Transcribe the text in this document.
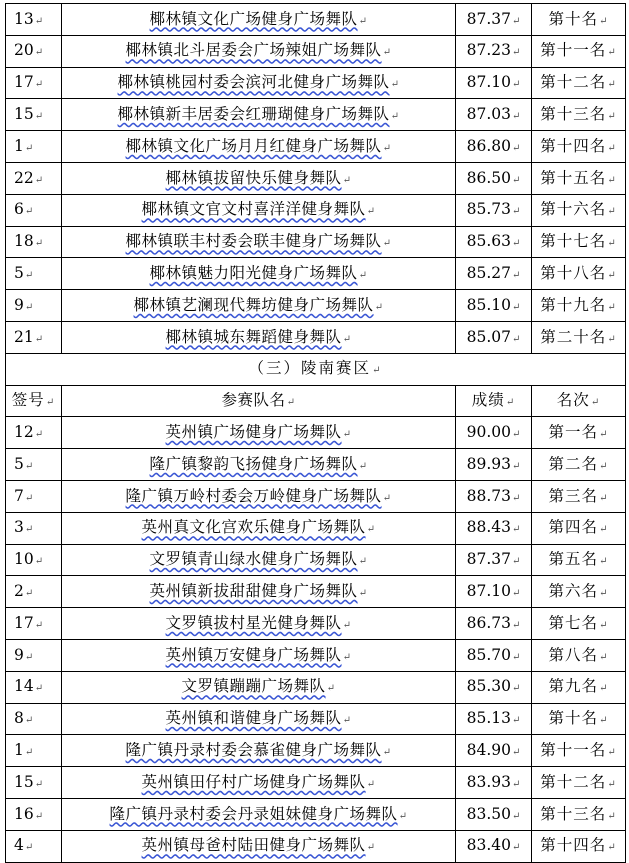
13↵	椰林镇文化广场健身广场舞队↵	87.37↵	第十名↵
20↵	椰林镇北斗居委会广场辣姐广场舞队↵	87.23↵	第十一名↵
17↵	椰林镇桃园村委会滨河北健身广场舞队↵	87.10↵	第十二名↵
15↵	椰林镇新丰居委会红珊瑚健身广场舞队↵	87.03↵	第十三名↵
1↵	椰林镇文化广场月月红健身广场舞队↵	86.80↵	第十四名↵
22↵	椰林镇拔留快乐健身舞队↵	86.50↵	第十五名↵
6↵	椰林镇文官文村喜洋洋健身舞队↵	85.73↵	第十六名↵
18↵	椰林镇联丰村委会联丰健身广场舞队↵	85.63↵	第十七名↵
5↵	椰林镇魅力阳光健身广场舞队↵	85.27↵	第十八名↵
9↵	椰林镇艺澜现代舞坊健身广场舞队↵	85.10↵	第十九名↵
21↵	椰林镇城东舞蹈健身舞队↵	85.07↵	第二十名↵
（三）陵南赛区↵			
签号↵	参赛队名↵	成绩↵	名次↵
12↵	英州镇广场健身广场舞队↵	90.00↵	第一名↵
5↵	隆广镇黎韵飞扬健身广场舞队↵	89.93↵	第二名↵
7↵	隆广镇万岭村委会万岭健身广场舞队↵	88.73↵	第三名↵
3↵	英州真文化宫欢乐健身广场舞队↵	88.43↵	第四名↵
10↵	文罗镇青山绿水健身广场舞队↵	87.37↵	第五名↵
2↵	英州镇新拔甜甜健身广场舞队↵	87.10↵	第六名↵
17↵	文罗镇拔村星光健身舞队↵	86.73↵	第七名↵
9↵	英州镇万安健身广场舞队↵	85.70↵	第八名↵
14↵	文罗镇蹦蹦广场舞队↵	85.30↵	第九名↵
8↵	英州镇和谐健身广场舞队↵	85.13↵	第十名↵
1↵	隆广镇丹录村委会慕雀健身广场舞队↵	84.90↵	第十一名↵
15↵	英州镇田仔村广场健身广场舞队↵	83.93↵	第十二名↵
16↵	隆广镇丹录村委会丹录姐妹健身广场舞队↵	83.50↵	第十三名↵
4↵	英州镇母爸村陆田健身广场舞队↵	83.40↵	第十四名↵
